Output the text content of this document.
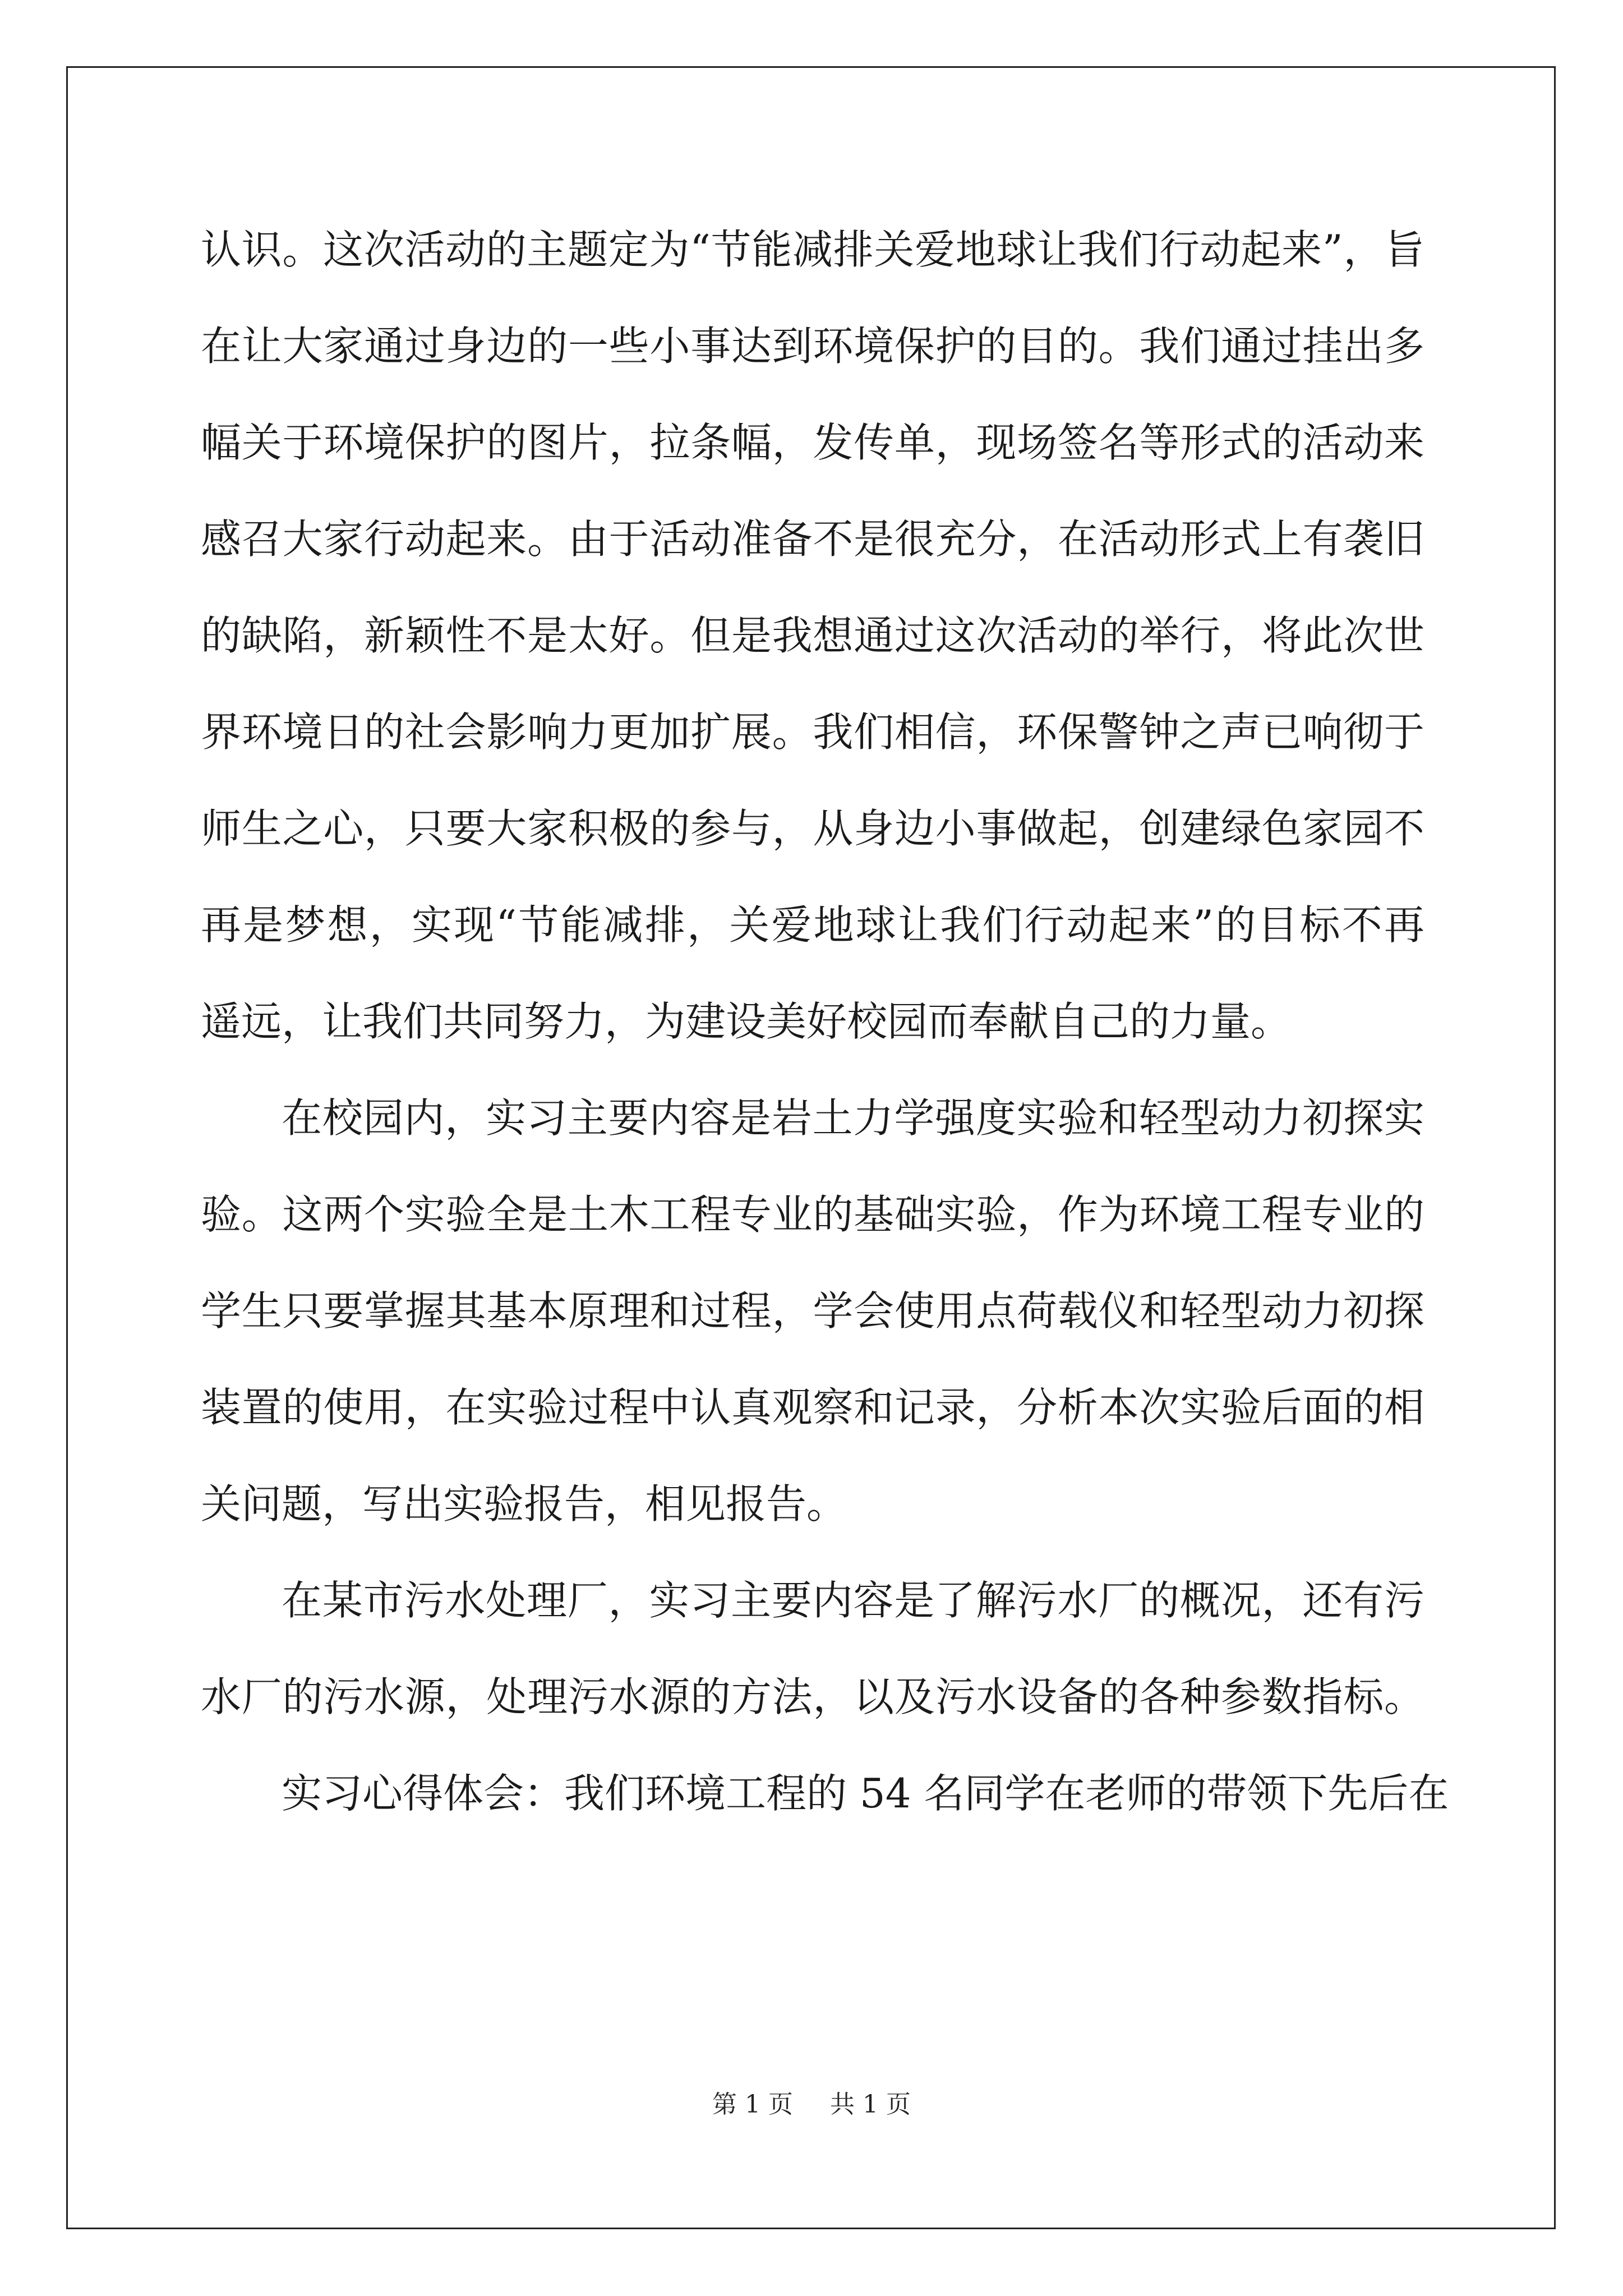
认识。这次活动的主题定为“节能减排关爱地球让我们行动起来”，旨
在让大家通过身边的一些小事达到环境保护的目的。我们通过挂出多
幅关于环境保护的图片，拉条幅，发传单，现场签名等形式的活动来
感召大家行动起来。由于活动准备不是很充分，在活动形式上有袭旧
的缺陷，新颖性不是太好。但是我想通过这次活动的举行，将此次世
界环境日的社会影响力更加扩展。我们相信，环保警钟之声已响彻于
师生之心，只要大家积极的参与，从身边小事做起，创建绿色家园不
再是梦想，实现“节能减排，关爱地球让我们行动起来”的目标不再
遥远，让我们共同努力，为建设美好校园而奉献自己的力量。
在校园内，实习主要内容是岩土力学强度实验和轻型动力初探实
验。这两个实验全是土木工程专业的基础实验，作为环境工程专业的
学生只要掌握其基本原理和过程，学会使用点荷载仪和轻型动力初探
装置的使用，在实验过程中认真观察和记录，分析本次实验后面的相
关问题，写出实验报告，相见报告。
在某市污水处理厂，实习主要内容是了解污水厂的概况，还有污
水厂的污水源，处理污水源的方法，以及污水设备的各种参数指标。
实习心得体会：我们环境工程的 54 名同学在老师的带领下先后在
第 1 页 共 1 页
